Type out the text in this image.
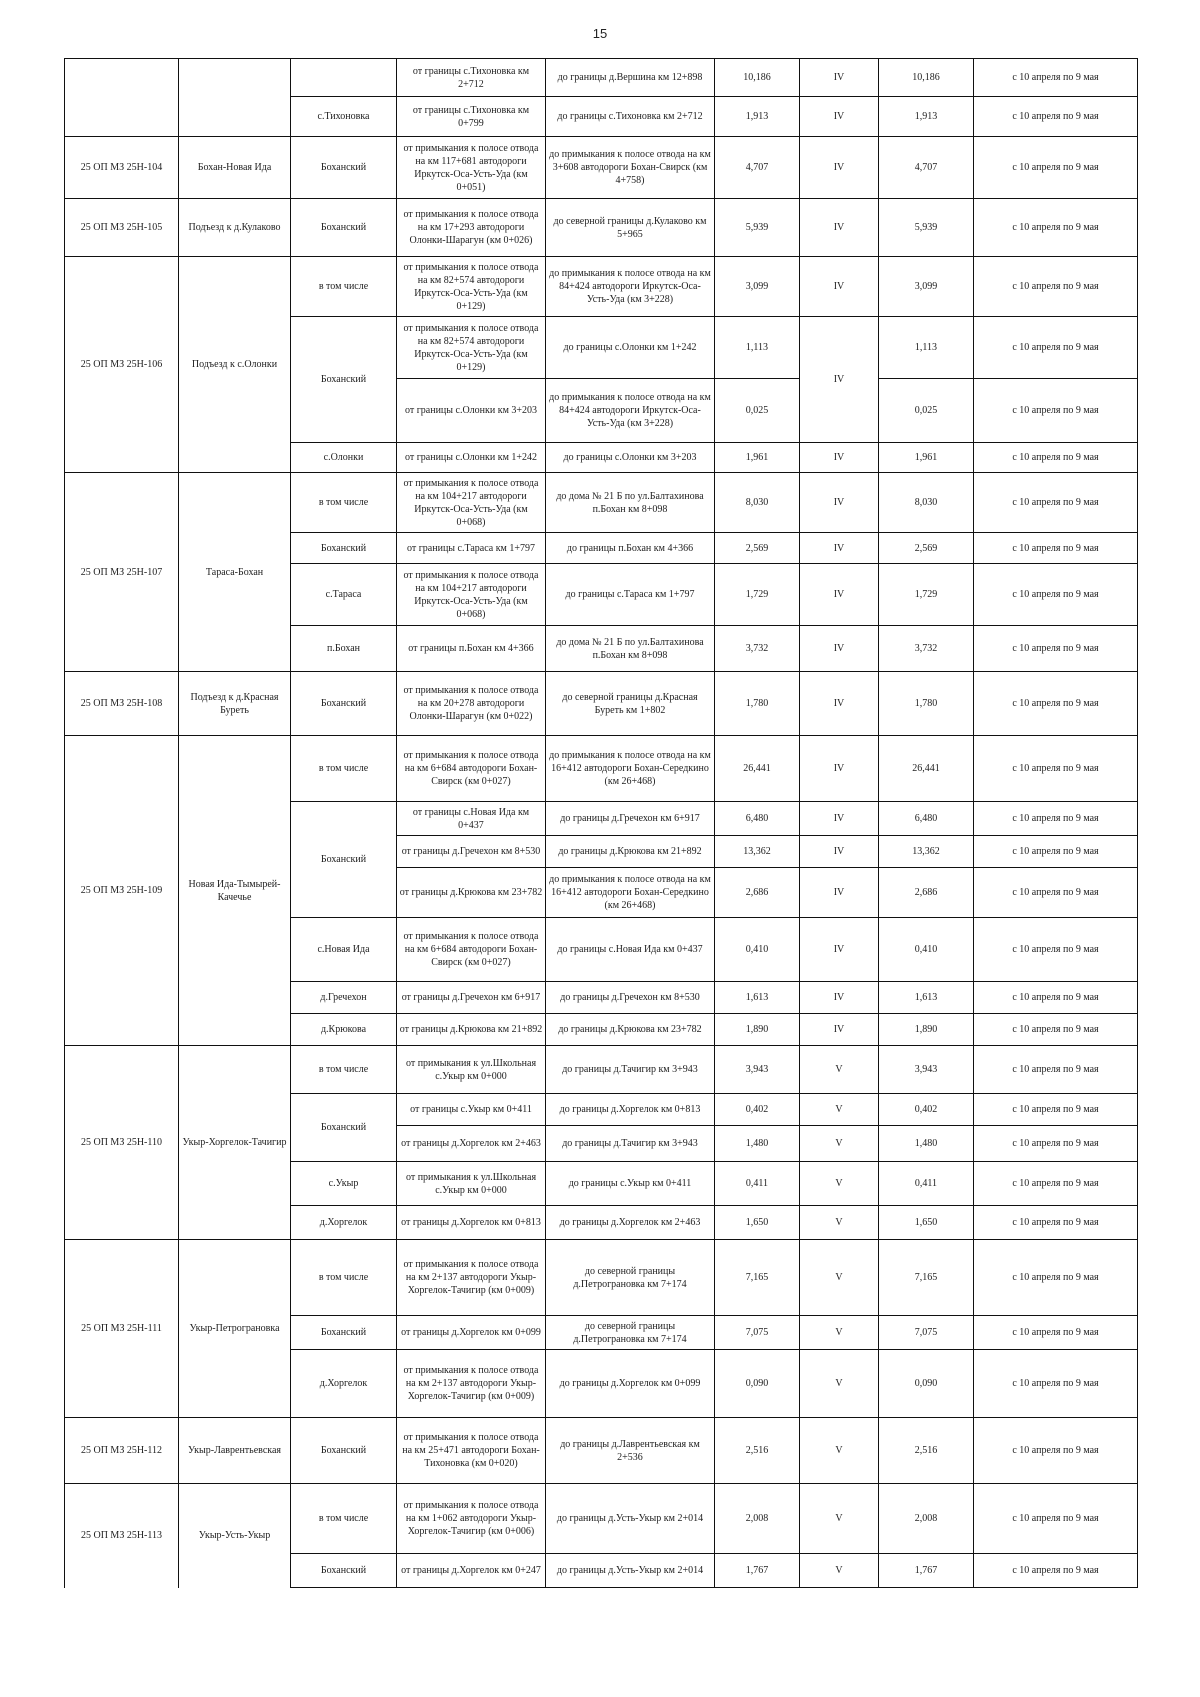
15
			от границы с.Тихоновка км 2+712	до границы д.Вершина км 12+898	10,186	IV	10,186	с 10 апреля по 9 мая
		с.Тихоновка	от границы с.Тихоновка км 0+799	до границы с.Тихоновка км 2+712	1,913	IV	1,913	с 10 апреля по 9 мая
25 ОП МЗ 25Н-104	Бохан-Новая Ида	Боханский	от примыкания к полосе отвода на км 117+681 автодороги Иркутск-Оса-Усть-Уда (км 0+051)	до примыкания к полосе отвода на км 3+608 автодороги Бохан-Свирск (км 4+758)	4,707	IV	4,707	с 10 апреля по 9 мая
25 ОП МЗ 25Н-105	Подъезд к д.Кулаково	Боханский	от примыкания к полосе отвода на км 17+293 автодороги Олонки-Шарагун (км 0+026)	до северной границы д.Кулаково км 5+965	5,939	IV	5,939	с 10 апреля по 9 мая
25 ОП МЗ 25Н-106	Подъезд к с.Олонки	в том числе	от примыкания к полосе отвода на км 82+574 автодороги Иркутск-Оса-Усть-Уда (км 0+129)	до примыкания к полосе отвода на км 84+424 автодороги Иркутск-Оса-Усть-Уда (км 3+228)	3,099	IV	3,099	с 10 апреля по 9 мая
		Боханский	от примыкания к полосе отвода на км 82+574 автодороги Иркутск-Оса-Усть-Уда (км 0+129)	до границы с.Олонки км 1+242	1,113	IV	1,113	с 10 апреля по 9 мая
			от границы с.Олонки км 3+203	до примыкания к полосе отвода на км 84+424 автодороги Иркутск-Оса-Усть-Уда (км 3+228)	0,025		0,025	с 10 апреля по 9 мая
		с.Олонки	от границы с.Олонки км 1+242	до границы с.Олонки км 3+203	1,961	IV	1,961	с 10 апреля по 9 мая
25 ОП МЗ 25Н-107	Тараса-Бохан	в том числе	от примыкания к полосе отвода на км 104+217 автодороги Иркутск-Оса-Усть-Уда (км 0+068)	до дома № 21 Б по ул.Балтахинова п.Бохан км 8+098	8,030	IV	8,030	с 10 апреля по 9 мая
		Боханский	от границы с.Тараса км 1+797	до границы п.Бохан км 4+366	2,569	IV	2,569	с 10 апреля по 9 мая
		с.Тараса	от примыкания к полосе отвода на км 104+217 автодороги Иркутск-Оса-Усть-Уда (км 0+068)	до границы с.Тараса км 1+797	1,729	IV	1,729	с 10 апреля по 9 мая
		п.Бохан	от границы п.Бохан км 4+366	до дома № 21 Б по ул.Балтахинова п.Бохан км 8+098	3,732	IV	3,732	с 10 апреля по 9 мая
25 ОП МЗ 25Н-108	Подъезд к д.Красная Буреть	Боханский	от примыкания к полосе отвода на км 20+278 автодороги Олонки-Шарагун (км 0+022)	до северной границы д.Красная Буреть км 1+802	1,780	IV	1,780	с 10 апреля по 9 мая
25 ОП МЗ 25Н-109	Новая Ида-Тымырей-Качечье	в том числе	от примыкания к полосе отвода на км 6+684 автодороги Бохан-Свирск (км 0+027)	до примыкания к полосе отвода на км 16+412 автодороги Бохан-Середкино (км 26+468)	26,441	IV	26,441	с 10 апреля по 9 мая
		Боханский	от границы с.Новая Ида км 0+437	до границы д.Гречехон км 6+917	6,480	IV	6,480	с 10 апреля по 9 мая
			от границы д.Гречехон км 8+530	до границы д.Крюкова км 21+892	13,362	IV	13,362	с 10 апреля по 9 мая
			от границы д.Крюкова км 23+782	до примыкания к полосе отвода на км 16+412 автодороги Бохан-Середкино (км 26+468)	2,686	IV	2,686	с 10 апреля по 9 мая
		с.Новая Ида	от примыкания к полосе отвода на км 6+684 автодороги Бохан-Свирск (км 0+027)	до границы с.Новая Ида км 0+437	0,410	IV	0,410	с 10 апреля по 9 мая
		д.Гречехон	от границы д.Гречехон км 6+917	до границы д.Гречехон км 8+530	1,613	IV	1,613	с 10 апреля по 9 мая
		д.Крюкова	от границы д.Крюкова км 21+892	до границы д.Крюкова км 23+782	1,890	IV	1,890	с 10 апреля по 9 мая
25 ОП МЗ 25Н-110	Укыр-Хоргелок-Тачигир	в том числе	от примыкания к ул.Школьная с.Укыр км 0+000	до границы д.Тачигир км 3+943	3,943	V	3,943	с 10 апреля по 9 мая
		Боханский	от границы с.Укыр км 0+411	до границы д.Хоргелок км 0+813	0,402	V	0,402	с 10 апреля по 9 мая
			от границы д.Хоргелок км 2+463	до границы д.Тачигир км 3+943	1,480	V	1,480	с 10 апреля по 9 мая
		с.Укыр	от примыкания к ул.Школьная с.Укыр км 0+000	до границы с.Укыр км 0+411	0,411	V	0,411	с 10 апреля по 9 мая
		д.Хоргелок	от границы д.Хоргелок км 0+813	до границы д.Хоргелок км 2+463	1,650	V	1,650	с 10 апреля по 9 мая
25 ОП МЗ 25Н-111	Укыр-Петрограновка	в том числе	от примыкания к полосе отвода на км 2+137 автодороги Укыр-Хоргелок-Тачигир (км 0+009)	до северной границы д.Петрограновка км 7+174	7,165	V	7,165	с 10 апреля по 9 мая
		Боханский	от границы д.Хоргелок км 0+099	до северной границы д.Петрограновка км 7+174	7,075	V	7,075	с 10 апреля по 9 мая
		д.Хоргелок	от примыкания к полосе отвода на км 2+137 автодороги Укыр-Хоргелок-Тачигир (км 0+009)	до границы д.Хоргелок км 0+099	0,090	V	0,090	с 10 апреля по 9 мая
25 ОП МЗ 25Н-112	Укыр-Лаврентьевская	Боханский	от примыкания к полосе отвода на км 25+471 автодороги Бохан-Тихоновка (км 0+020)	до границы д.Лаврентьевская км 2+536	2,516	V	2,516	с 10 апреля по 9 мая
25 ОП МЗ 25Н-113	Укыр-Усть-Укыр	в том числе	от примыкания к полосе отвода на км 1+062 автодороги Укыр-Хоргелок-Тачигир (км 0+006)	до границы д.Усть-Укыр км 2+014	2,008	V	2,008	с 10 апреля по 9 мая
		Боханский	от границы д.Хоргелок км 0+247	до границы д.Усть-Укыр км 2+014	1,767	V	1,767	с 10 апреля по 9 мая
